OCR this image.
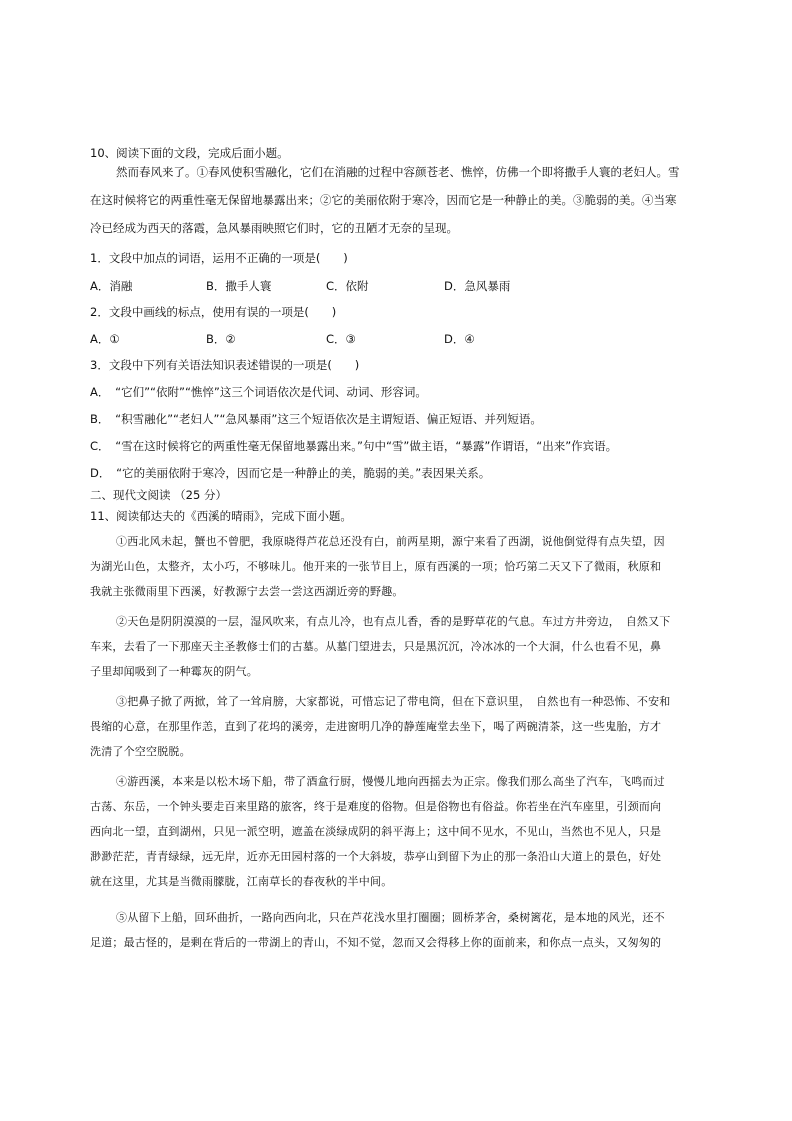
10、阅读下面的文段，完成后面小题。
然而春风来了。①春风使积雪融化，它们在消融的过程中容颜苍老、憔悴，仿佛一个即将撒手人寰的老妇人。雪
在这时候将它的两重性毫无保留地暴露出来；②它的美丽依附于寒冷，因而它是一种静止的美。③脆弱的美。④当寒
冷已经成为西天的落霞，急风暴雨映照它们时，它的丑陋才无奈的呈现。
1．文段中加点的词语，运用不正确的一项是(　　)
A．消融	B．撒手人寰	C．依附	D．急风暴雨
2．文段中画线的标点，使用有误的一项是(　　)
A．①	B．②	C．③	D．④
3．文段中下列有关语法知识表述错误的一项是(　　)
A．　“它们”“依附”“憔悴”这三个词语依次是代词、动词、形容词。
B．　“积雪融化”“老妇人”“急风暴雨”这三个短语依次是主谓短语、偏正短语、并列短语。
C．　“雪在这时候将它的两重性毫无保留地暴露出来。”句中“雪”做主语，“暴露”作谓语，“出来”作宾语。
D．　“它的美丽依附于寒冷，因而它是一种静止的美，脆弱的美。”表因果关系。
二、现代文阅读 （25 分）
11、阅读郁达夫的《西溪的晴雨》，完成下面小题。
①西北风未起，蟹也不曾肥，我原晓得芦花总还没有白，前两星期，源宁来看了西湖，说他倒觉得有点失望，因
为湖光山色，太整齐，太小巧，不够味儿。他开来的一张节目上，原有西溪的一项；恰巧第二天又下了微雨，秋原和
我就主张微雨里下西溪，好教源宁去尝一尝这西湖近旁的野趣。
②天色是阴阴漠漠的一层，湿风吹来，有点儿冷，也有点儿香，香的是野草花的气息。车过方井旁边，　自然又下
车来，去看了一下那座天主圣教修士们的古墓。从墓门望进去，只是黑沉沉，冷冰冰的一个大洞，什么也看不见，鼻
子里却闻吸到了一种霉灰的阴气。
③把鼻子掀了两掀，耸了一耸肩膀，大家都说，可惜忘记了带电筒，但在下意识里，　自然也有一种恐怖、不安和
畏缩的心意，在那里作恙，直到了花坞的溪旁，走进窗明几净的静莲庵堂去坐下，喝了两碗清茶，这一些鬼胎，方才
洗清了个空空脱脱。
④游西溪，本来是以松木场下船，带了酒盒行厨，慢慢儿地向西摇去为正宗。像我们那么高坐了汽车，飞鸣而过
古荡、东岳，一个钟头要走百来里路的旅客，终于是难度的俗物。但是俗物也有俗益。你若坐在汽车座里，引颈而向
西向北一望，直到湖州，只见一派空明，遮盖在淡绿成阴的斜平海上；这中间不见水，不见山，当然也不见人，只是
渺渺茫茫，青青绿绿，远无岸，近亦无田园村落的一个大斜坡，恭亭山到留下为止的那一条沿山大道上的景色，好处
就在这里，尤其是当微雨朦胧，江南草长的春夜秋的半中间。
⑤从留下上船，回环曲折，一路向西向北，只在芦花浅水里打圈圈；圆桥茅舍，桑树篱花，是本地的风光，还不
足道；最古怪的，是剩在背后的一带湖上的青山，不知不觉，忽而又会得移上你的面前来，和你点一点头，又匆匆的
